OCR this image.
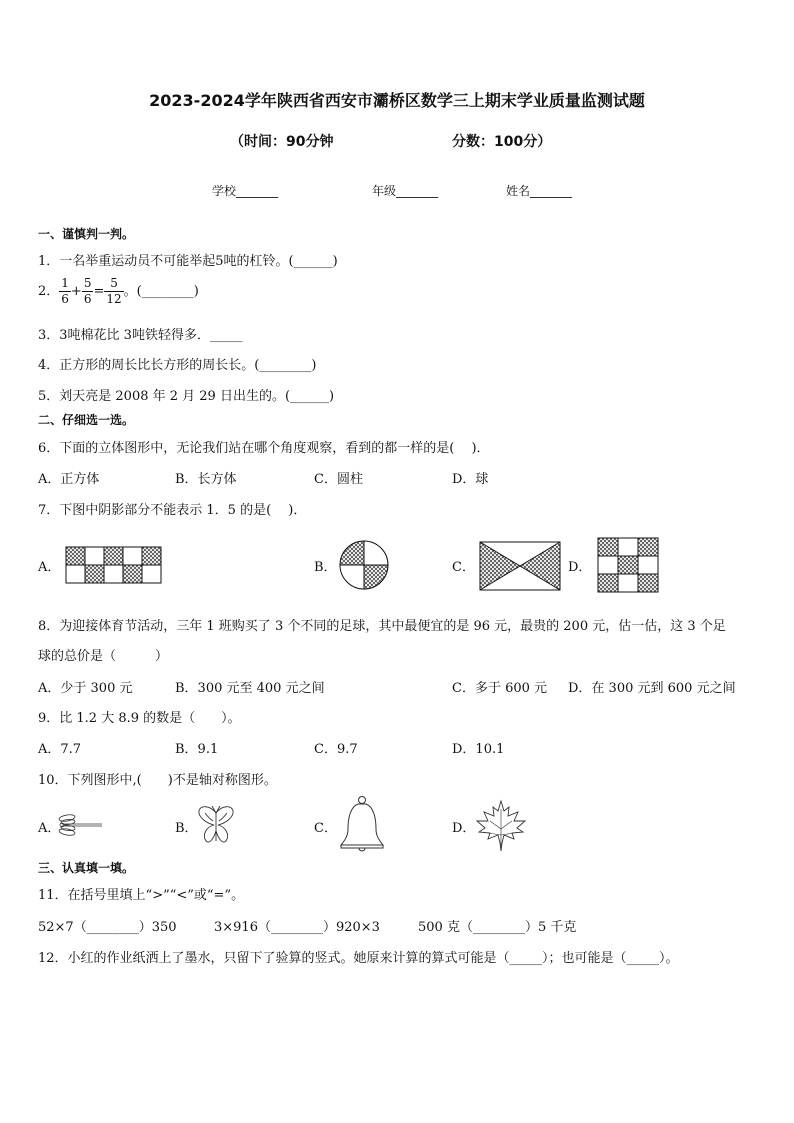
2023-2024学年陕西省西安市灞桥区数学三上期末学业质量监测试题
（时间：90分钟	分数：100分）
学校_______	年级_______	姓名_______
一、谨慎判一判。
1．一名举重运动员不可能举起5吨的杠铃。(______)
2． $\frac{1}{6} + \frac{5}{6} = \frac{5}{12}$ 。(________)
3．3吨棉花比 3吨铁轻得多．_____
4．正方形的周长比长方形的周长长。(________)
5．刘天亮是 2008 年 2 月 29 日出生的。(______)
二、仔细选一选。
6．下面的立体图形中，无论我们站在哪个角度观察，看到的都一样的是(　 )．
A．正方体	B．长方体	C．圆柱	D．球
7．下图中阴影部分不能表示 1．5 的是(　 )．
A．	B．	C．	D．
8．为迎接体育节活动，三年 1 班购买了 3 个不同的足球，其中最便宜的是 96 元，最贵的 200 元，估一估，这 3 个足
球的总价是（　　　）
A．少于 300 元	B．300 元至 400 元之间	C．多于 600 元 D．在 300 元到 600 元之间
9．比 1.2 大 8.9 的数是（　　）。
A．7.7	B．9.1	C．9.7	D．10.1
10．下列图形中,(　　)不是轴对称图形。
A．	B．	C．	D．
三、认真填一填。
11．在括号里填上“>”“<”或“=”。
52×7（________）350	3×916（________）920×3	500 克（________）5 千克
12．小红的作业纸洒上了墨水，只留下了验算的竖式。她原来计算的算式可能是（_____）；也可能是（_____）。
